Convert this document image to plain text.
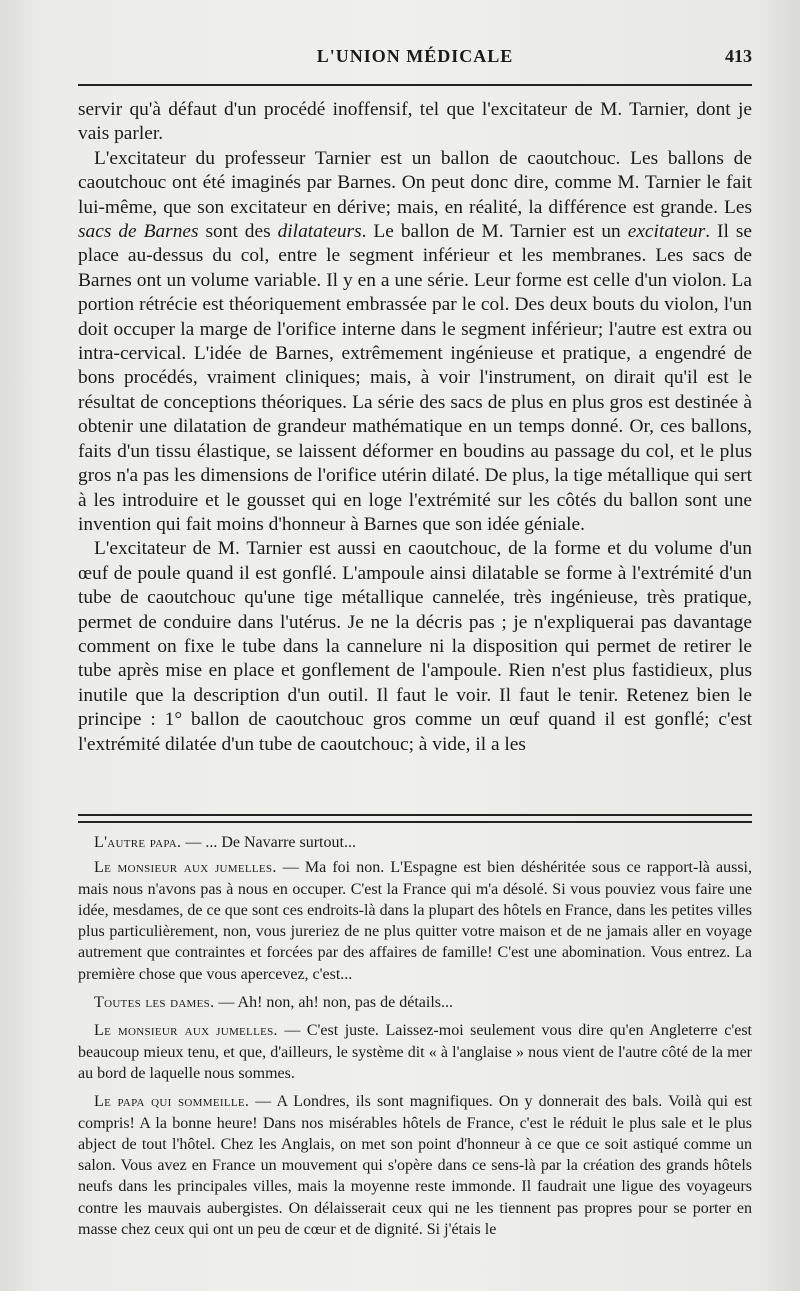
L'UNION MÉDICALE	413

servir qu'à défaut d'un procédé inoffensif, tel que l'excitateur de M. Tarnier, dont je vais parler.

L'excitateur du professeur Tarnier est un ballon de caoutchouc. Les ballons de caoutchouc ont été imaginés par Barnes. On peut donc dire, comme M. Tarnier le fait lui-même, que son excitateur en dérive; mais, en réalité, la différence est grande. Les sacs de Barnes sont des dilatateurs. Le ballon de M. Tarnier est un excitateur. Il se place au-dessus du col, entre le segment inférieur et les membranes. Les sacs de Barnes ont un volume variable. Il y en a une série. Leur forme est celle d'un violon. La portion rétrécie est théoriquement embrassée par le col. Des deux bouts du violon, l'un doit occuper la marge de l'orifice interne dans le segment inférieur; l'autre est extra ou intra-cervical. L'idée de Barnes, extrêmement ingénieuse et pratique, a engendré de bons procédés, vraiment cliniques; mais, à voir l'instrument, on dirait qu'il est le résultat de conceptions théoriques. La série des sacs de plus en plus gros est destinée à obtenir une dilatation de grandeur mathématique en un temps donné. Or, ces ballons, faits d'un tissu élastique, se laissent déformer en boudins au passage du col, et le plus gros n'a pas les dimensions de l'orifice utérin dilaté. De plus, la tige métallique qui sert à les introduire et le gousset qui en loge l'extrémité sur les côtés du ballon sont une invention qui fait moins d'honneur à Barnes que son idée géniale.

L'excitateur de M. Tarnier est aussi en caoutchouc, de la forme et du volume d'un œuf de poule quand il est gonflé. L'ampoule ainsi dilatable se forme à l'extrémité d'un tube de caoutchouc qu'une tige métallique cannelée, très ingénieuse, très pratique, permet de conduire dans l'utérus. Je ne la décris pas ; je n'expliquerai pas davantage comment on fixe le tube dans la cannelure ni la disposition qui permet de retirer le tube après mise en place et gonflement de l'ampoule. Rien n'est plus fastidieux, plus inutile que la description d'un outil. Il faut le voir. Il faut le tenir. Retenez bien le principe : 1° ballon de caoutchouc gros comme un œuf quand il est gonflé; c'est l'extrémité dilatée d'un tube de caoutchouc; à vide, il a les

L'autre papa. — ... De Navarre surtout...

Le monsieur aux jumelles. — Ma foi non. L'Espagne est bien déshéritée sous ce rapport-là aussi, mais nous n'avons pas à nous en occuper. C'est la France qui m'a désolé. Si vous pouviez vous faire une idée, mesdames, de ce que sont ces endroits-là dans la plupart des hôtels en France, dans les petites villes plus particulièrement, non, vous jureriez de ne plus quitter votre maison et de ne jamais aller en voyage autrement que contraintes et forcées par des affaires de famille! C'est une abomination. Vous entrez. La première chose que vous apercevez, c'est...

Toutes les dames. — Ah! non, ah! non, pas de détails...

Le monsieur aux jumelles. — C'est juste. Laissez-moi seulement vous dire qu'en Angleterre c'est beaucoup mieux tenu, et que, d'ailleurs, le système dit « à l'anglaise » nous vient de l'autre côté de la mer au bord de laquelle nous sommes.

Le papa qui sommeille. — A Londres, ils sont magnifiques. On y donnerait des bals. Voilà qui est compris! A la bonne heure! Dans nos misérables hôtels de France, c'est le réduit le plus sale et le plus abject de tout l'hôtel. Chez les Anglais, on met son point d'honneur à ce que ce soit astiqué comme un salon. Vous avez en France un mouvement qui s'opère dans ce sens-là par la création des grands hôtels neufs dans les principales villes, mais la moyenne reste immonde. Il faudrait une ligue des voyageurs contre les mauvais aubergistes. On délaisserait ceux qui ne les tiennent pas propres pour se porter en masse chez ceux qui ont un peu de cœur et de dignité. Si j'étais le
